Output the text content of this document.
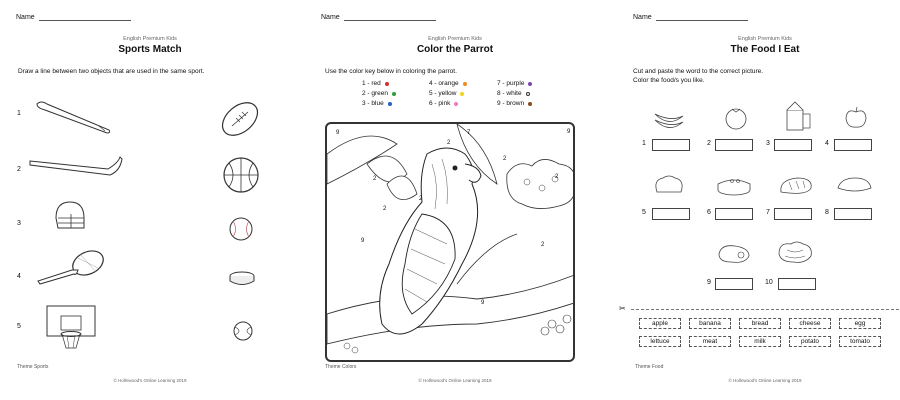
Name
English Premium Kids
Sports Match
Draw a line between two objects that are used in the same sport.
1
2
3
4
5
Theme Sports
© Hollnwood's Online Learning 2019
Name
English Premium Kids
Color the Parrot
Use the color key below in coloring the parrot.
1 - red
2 - green
3 - blue
4 - orange
5 - yellow
6 - pink
7 - purple
8 - white
9 - brown
9
2
2
9
7
2
2
2
9
2
9
2
Theme Colors
© Hollnwood's Online Learning 2019
Name
English Premium Kids
The Food I Eat
Cut and paste the word to the correct picture.
Color the food/s you like.
1	2	3	4
5	6	7	8
9	10
✂
apple	banana	bread	cheese	egg
lettuce	meat	milk	potato	tomato
Theme Food
© Hollnwood's Online Learning 2019
